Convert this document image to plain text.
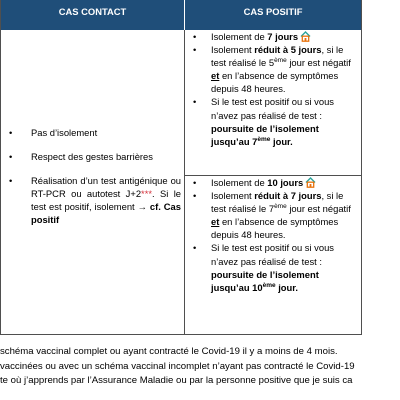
CAS CONTACT	CAS POSITIF
• Pas d’isolement
• Respect des gestes barrières
• Réalisation d’un test antigénique ou RT-PCR ou autotest J+2***. Si le test est positif, isolement → cf. Cas positif
• Isolement de 7 jours
• Isolement réduit à 5 jours, si le test réalisé le 5ème jour est négatif et en l’absence de symptômes depuis 48 heures.
• Si le test est positif ou si vous n’avez pas réalisé de test : poursuite de l’isolement jusqu’au 7ème jour.
• Isolement de 10 jours
• Isolement réduit à 7 jours, si le test réalisé le 7ème jour est négatif et en l’absence de symptômes depuis 48 heures.
• Si le test est positif ou si vous n’avez pas réalisé de test : poursuite de l’isolement jusqu’au 10ème jour.
schéma vaccinal complet ou ayant contracté le Covid-19 il y a moins de 4 mois.
vaccinées ou avec un schéma vaccinal incomplet n’ayant pas contracté le Covid-19
te où j’apprends par l’Assurance Maladie ou par la personne positive que je suis ca
